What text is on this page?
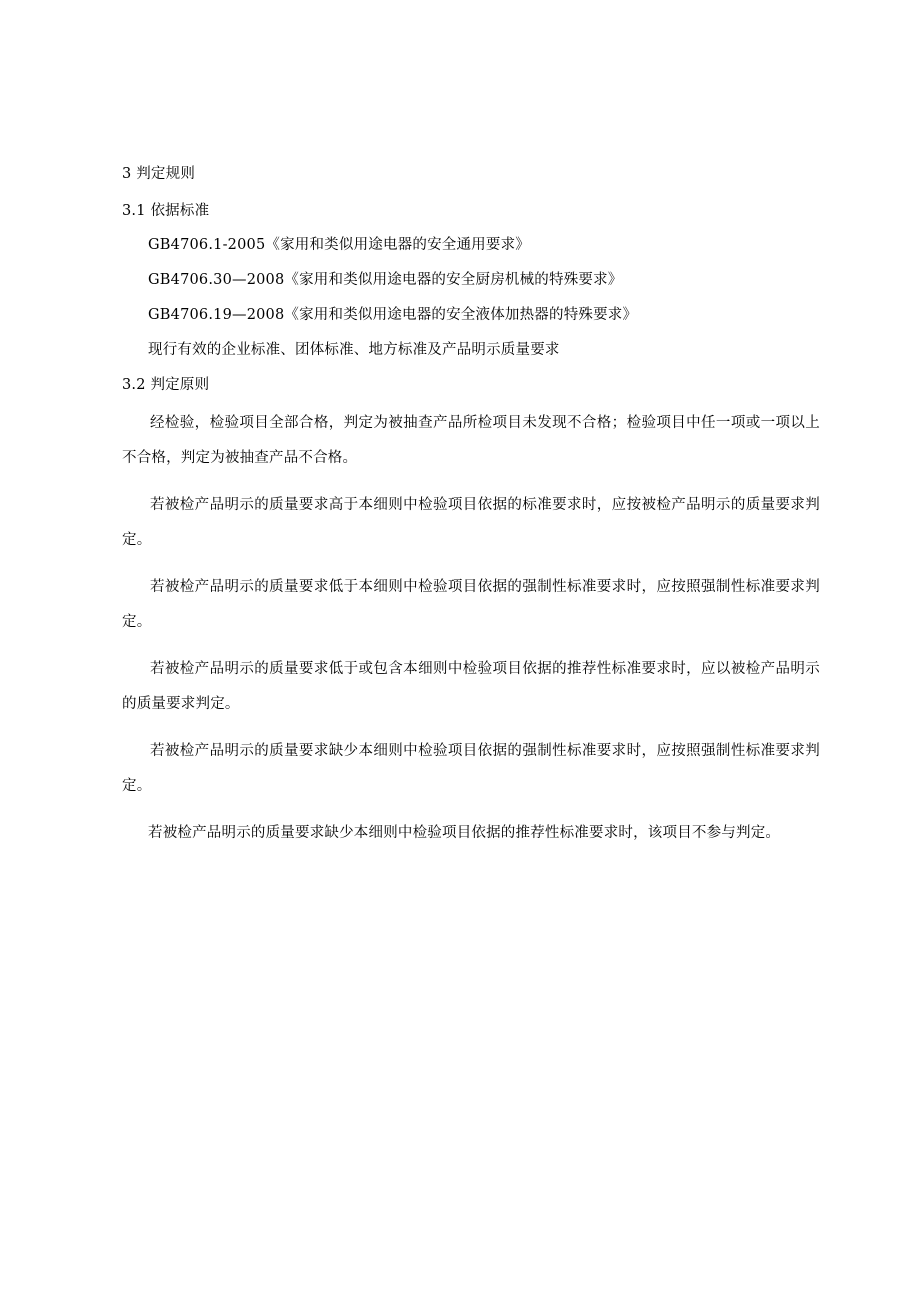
3 判定规则
3.1 依据标准
GB4706.1-2005《家用和类似用途电器的安全通用要求》
GB4706.30—2008《家用和类似用途电器的安全厨房机械的特殊要求》
GB4706.19—2008《家用和类似用途电器的安全液体加热器的特殊要求》
现行有效的企业标准、团体标准、地方标准及产品明示质量要求
3.2 判定原则

经检验，检验项目全部合格，判定为被抽查产品所检项目未发现不合格；检验项目中任一项或一项以上不合格，判定为被抽查产品不合格。

若被检产品明示的质量要求高于本细则中检验项目依据的标准要求时，应按被检产品明示的质量要求判定。

若被检产品明示的质量要求低于本细则中检验项目依据的强制性标准要求时，应按照强制性标准要求判定。

若被检产品明示的质量要求低于或包含本细则中检验项目依据的推荐性标准要求时，应以被检产品明示的质量要求判定。

若被检产品明示的质量要求缺少本细则中检验项目依据的强制性标准要求时，应按照强制性标准要求判定。

若被检产品明示的质量要求缺少本细则中检验项目依据的推荐性标准要求时，该项目不参与判定。
